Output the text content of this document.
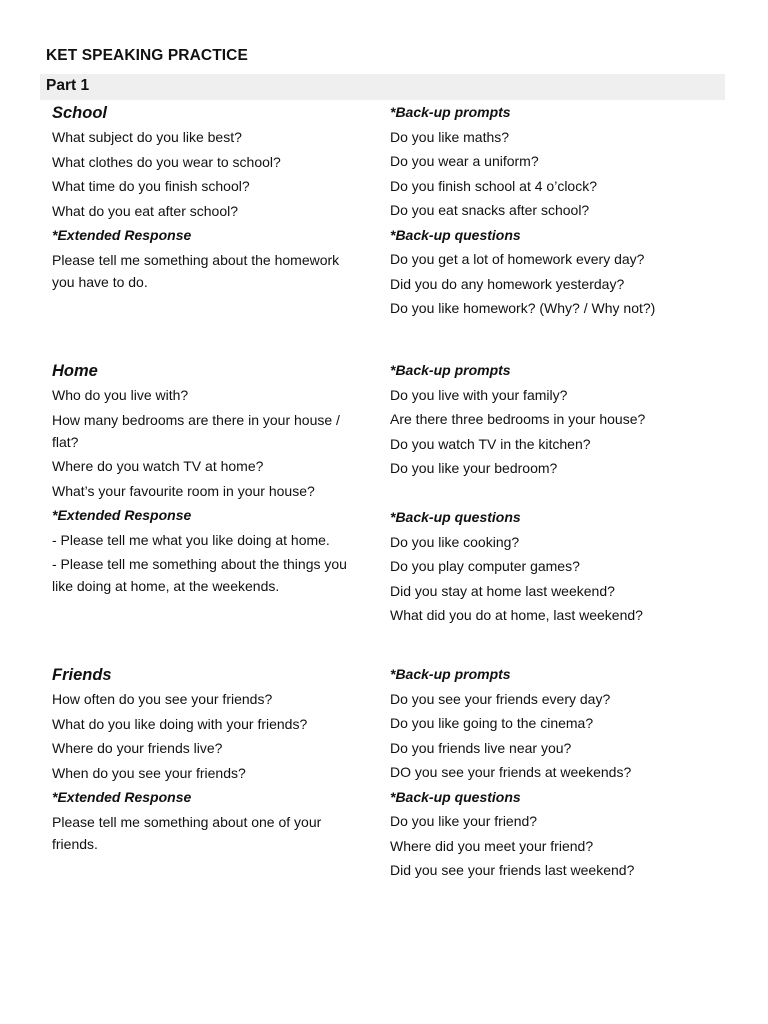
KET SPEAKING PRACTICE
Part 1
School
What subject do you like best?
What clothes do you wear to school?
What time do you finish school?
What do you eat after school?
*Extended Response
Please tell me something about the homework you have to do.
*Back-up prompts
Do you like maths?
Do you wear a uniform?
Do you finish school at 4 o’clock?
Do you eat snacks after school?
*Back-up questions
Do you get a lot of homework every day?
Did you do any homework yesterday?
Do you like homework? (Why? / Why not?)
Home
Who do you live with?
How many bedrooms are there in your house / flat?
Where do you watch TV at home?
What’s your favourite room in your house?
*Extended Response
- Please tell me what you like doing at home.
- Please tell me something about the things you like doing at home, at the weekends.
*Back-up prompts
Do you live with your family?
Are there three bedrooms in your house?
Do you watch TV in the kitchen?
Do you like your bedroom?
*Back-up questions
Do you like cooking?
Do you play computer games?
Did you stay at home last weekend?
What did you do at home, last weekend?
Friends
How often do you see your friends?
What do you like doing with your friends?
Where do your friends live?
When do you see your friends?
*Extended Response
Please tell me something about one of your friends.
*Back-up prompts
Do you see your friends every day?
Do you like going to the cinema?
Do you friends live near you?
DO you see your friends at weekends?
*Back-up questions
Do you like your friend?
Where did you meet your friend?
Did you see your friends last weekend?
